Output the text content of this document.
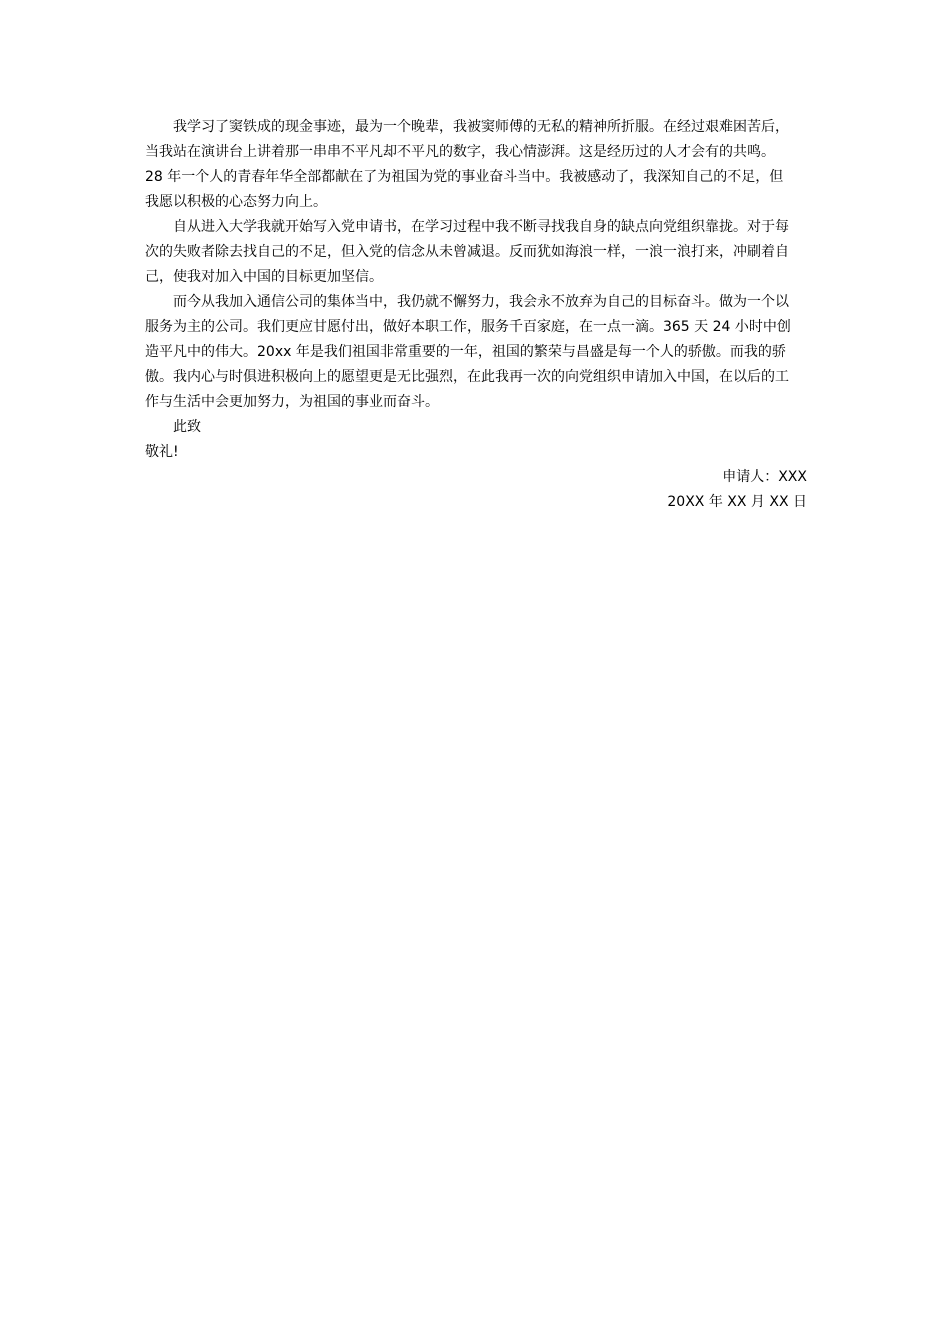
我学习了窦铁成的现金事迹，最为一个晚辈，我被窦师傅的无私的精神所折服。在经过艰难困苦后，
当我站在演讲台上讲着那一串串不平凡却不平凡的数字，我心情澎湃。这是经历过的人才会有的共鸣。
28 年一个人的青春年华全部都献在了为祖国为党的事业奋斗当中。我被感动了，我深知自己的不足，但
我愿以积极的心态努力向上。
自从进入大学我就开始写入党申请书，在学习过程中我不断寻找我自身的缺点向党组织靠拢。对于每
次的失败者除去找自己的不足，但入党的信念从未曾减退。反而犹如海浪一样，一浪一浪打来，冲刷着自
己，使我对加入中国的目标更加坚信。
而今从我加入通信公司的集体当中，我仍就不懈努力，我会永不放弃为自己的目标奋斗。做为一个以
服务为主的公司。我们更应甘愿付出，做好本职工作，服务千百家庭，在一点一滴。365 天 24 小时中创
造平凡中的伟大。20xx 年是我们祖国非常重要的一年，祖国的繁荣与昌盛是每一个人的骄傲。而我的骄
傲。我内心与时俱进积极向上的愿望更是无比强烈，在此我再一次的向党组织申请加入中国，在以后的工
作与生活中会更加努力，为祖国的事业而奋斗。
此致
敬礼!
申请人：XXX
20XX 年 XX 月 XX 日
